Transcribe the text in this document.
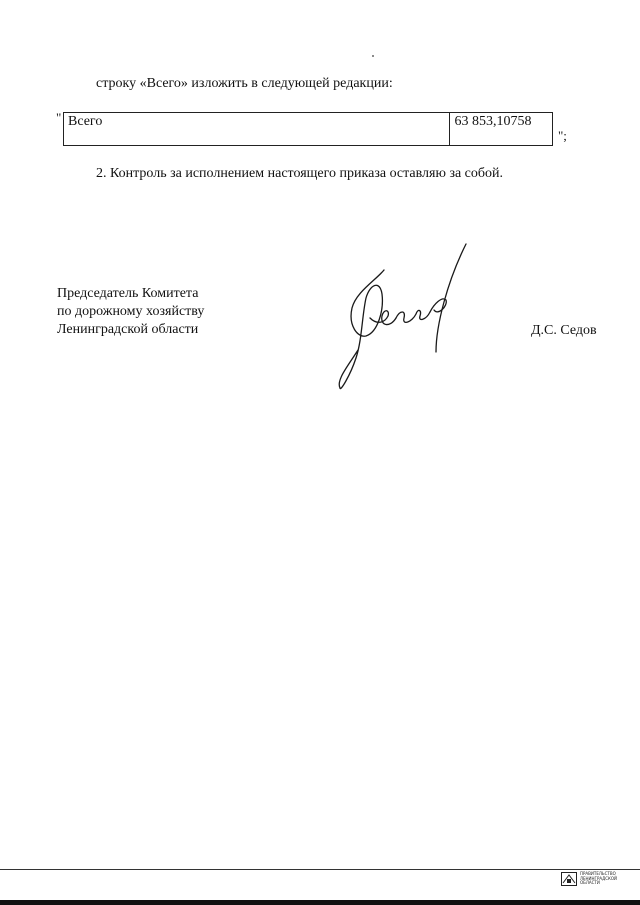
строку «Всего» изложить в следующей редакции:
" Всего	63 853,10758
";
2. Контроль за исполнением настоящего приказа оставляю за собой.
Председатель Комитета
по дорожному хозяйству
Ленинградской области	Д.С. Седов
ПРАВИТЕЛЬСТВО
ЛЕНИНГРАДСКОЙ
ОБЛАСТИ
